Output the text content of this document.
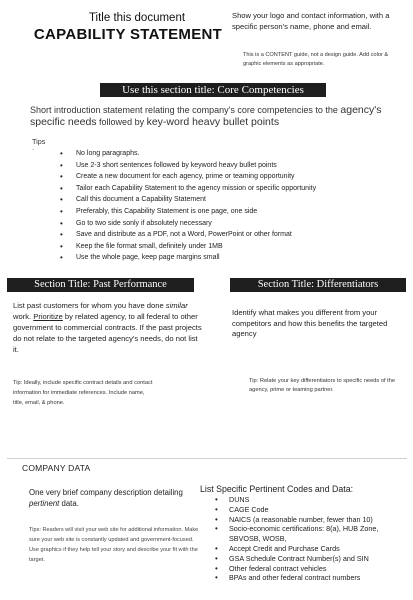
Title this document
CAPABILITY STATEMENT
Show your logo and contact information, with a specific person's name, phone and email.
This is a CONTENT guide, not a design guide. Add color & graphic elements as appropriate.
Use this section title: Core Competencies
Short introduction statement relating the company's core competencies to the agency's specific needs followed by key-word heavy bullet points
Tips
.
• No long paragraphs.
• Use 2-3 short sentences followed by keyword heavy bullet points
• Create a new document for each agency, prime or teaming opportunity
• Tailor each Capability Statement to the agency mission or specific opportunity
• Call this document a Capability Statement
• Preferably, this Capability Statement is one page, one side
• Go to two side sonly if absolutely necessary
• Save and distribute as a PDF, not a Word, PowerPoint or other format
• Keep the file format small, definitely under 1MB
• Use the whole page, keep page margins small
Section Title: Past Performance
List past customers for whom you have done similar work. Prioritize by related agency, to all federal to other government to commercial contracts. If the past projects do not relate to the targeted agency's needs, do not list it.
Tip: Ideally, include specific contract details and contact information for immediate references. Include name, title, email, & phone.
Section Title: Differentiators
Identify what makes you different from your competitors and how this benefits the targeted agency
Tip: Relate your key differentiators to specific needs of the agency, prime or teaming partner.
COMPANY DATA
One very brief company description detailing pertinent data.
Tips: Readers will visit your web site for additional information. Make sure your web site is constantly updated and government-focused. Use graphics if they help tell your story and describe your fit with the target.
List Specific Pertinent Codes and Data:
• DUNS
• CAGE Code
• NAICS (a reasonable number, fewer than 10)
• Socio-economic certifications: 8(a), HUB Zone, SBVOSB, WOSB,
• Accept Credit and Purchase Cards
• GSA Schedule Contract Number(s) and SIN
• Other federal contract vehicles
• BPAs and other federal contract numbers
